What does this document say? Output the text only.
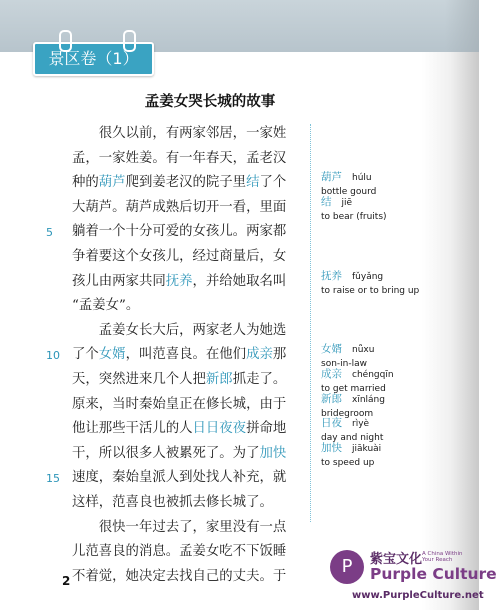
景区卷（1）
孟姜女哭长城的故事
　　很久以前，有两家邻居，一家姓
孟，一家姓姜。有一年春天，孟老汉
种的葫芦爬到姜老汉的院子里结了个
大葫芦。葫芦成熟后切开一看，里面
躺着一个十分可爱的女孩儿。两家都
争着要这个女孩儿，经过商量后，女
孩儿由两家共同抚养，并给她取名叫
“孟姜女”。
　　孟姜女长大后，两家老人为她选
了个女婿，叫范喜良。在他们成亲那
天，突然进来几个人把新郎抓走了。
原来，当时秦始皇正在修长城，由于
他让那些干活儿的人日日夜夜拼命地
干，所以很多人被累死了。为了加快
速度，秦始皇派人到处找人补充，就
这样，范喜良也被抓去修长城了。
　　很快一年过去了，家里没有一点
儿范喜良的消息。孟姜女吃不下饭睡
不着觉，她决定去找自己的丈夫。于
5
10
15
葫芦 húlu
bottle gourd
结 jiē
to bear (fruits)
抚养 fǔyǎng
to raise or to bring up
女婿 nǚxu
son-in-law
成亲 chéngqīn
to get married
新郎 xīnláng
bridegroom
日夜 rìyè
day and night
加快 jiākuài
to speed up
2
P	紫宝文化 A China Within Your Reach
Purple Culture
www.PurpleCulture.net
